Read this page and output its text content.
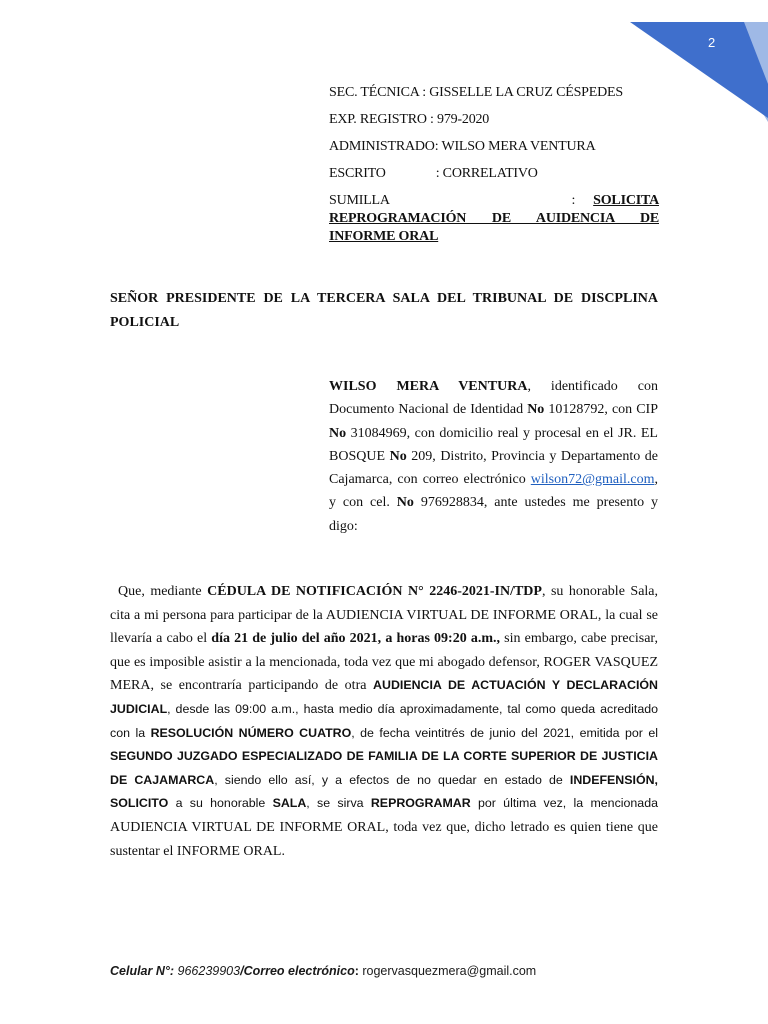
2
SEC. TÉCNICA : GISSELLE LA CRUZ CÉSPEDES
EXP. REGISTRO : 979-2020
ADMINISTRADO: WILSO MERA VENTURA
ESCRITO	: CORRELATIVO
SUMILLA	: SOLICITA
REPROGRAMACIÓN DE AUIDENCIA DE
INFORME ORAL
SEÑOR PRESIDENTE DE LA TERCERA SALA DEL TRIBUNAL DE DISCPLINA POLICIAL
WILSO MERA VENTURA, identificado con Documento Nacional de Identidad No 10128792, con CIP No 31084969, con domicilio real y procesal en el JR. EL BOSQUE No 209, Distrito, Provincia y Departamento de Cajamarca, con correo electrónico wilson72@gmail.com, y con cel. No 976928834, ante ustedes me presento y digo:
Que, mediante CÉDULA DE NOTIFICACIÓN N° 2246-2021-IN/TDP, su honorable Sala, cita a mi persona para participar de la AUDIENCIA VIRTUAL DE INFORME ORAL, la cual se llevaría a cabo el día 21 de julio del año 2021, a horas 09:20 a.m., sin embargo, cabe precisar, que es imposible asistir a la mencionada, toda vez que mi abogado defensor, ROGER VASQUEZ MERA, se encontraría participando de otra AUDIENCIA DE ACTUACIÓN Y DECLARACIÓN JUDICIAL, desde las 09:00 a.m., hasta medio día aproximadamente, tal como queda acreditado con la RESOLUCIÓN NÚMERO CUATRO, de fecha veintitrés de junio del 2021, emitida por el SEGUNDO JUZGADO ESPECIALIZADO DE FAMILIA DE LA CORTE SUPERIOR DE JUSTICIA DE CAJAMARCA, siendo ello así, y a efectos de no quedar en estado de INDEFENSIÓN, SOLICITO a su honorable SALA, se sirva REPROGRAMAR por última vez, la mencionada AUDIENCIA VIRTUAL DE INFORME ORAL, toda vez que, dicho letrado es quien tiene que sustentar el INFORME ORAL.
Celular N°: 966239903/Correo electrónico: rogervasquezmera@gmail.com
